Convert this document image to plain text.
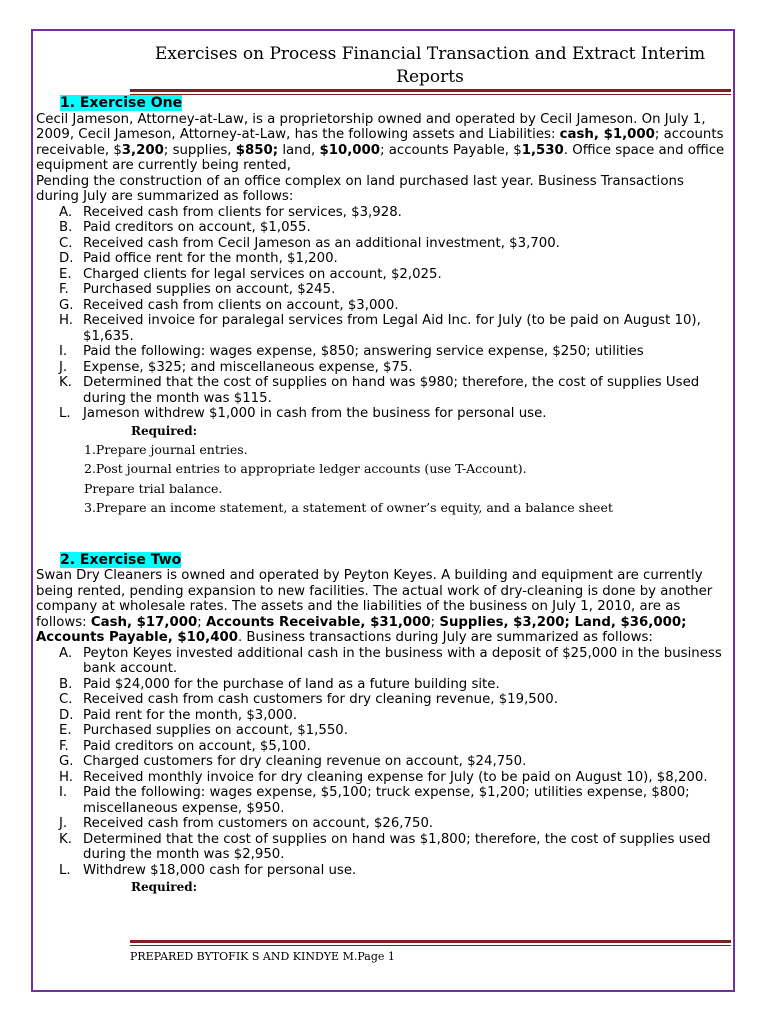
Exercises on Process Financial Transaction and Extract Interim Reports
1. Exercise One

Cecil Jameson, Attorney-at-Law, is a proprietorship owned and operated by Cecil Jameson. On July 1, 2009, Cecil Jameson, Attorney-at-Law, has the following assets and Liabilities: cash, $1,000; accounts receivable, $3,200; supplies, $850; land, $10,000; accounts Payable, $1,530. Office space and office equipment are currently being rented,

Pending the construction of an office complex on land purchased last year. Business Transactions during July are summarized as follows:

A. Received cash from clients for services, $3,928.
B. Paid creditors on account, $1,055.
C. Received cash from Cecil Jameson as an additional investment, $3,700.
D. Paid office rent for the month, $1,200.
E. Charged clients for legal services on account, $2,025.
F. Purchased supplies on account, $245.
G. Received cash from clients on account, $3,000.
H. Received invoice for paralegal services from Legal Aid Inc. for July (to be paid on August 10), $1,635.
I. Paid the following: wages expense, $850; answering service expense, $250; utilities
J. Expense, $325; and miscellaneous expense, $75.
K. Determined that the cost of supplies on hand was $980; therefore, the cost of supplies Used during the month was $115.
L. Jameson withdrew $1,000 in cash from the business for personal use.
Required:
1.Prepare journal entries.
2.Post journal entries to appropriate ledger accounts (use T-Account).
Prepare trial balance.
3.Prepare an income statement, a statement of owner’s equity, and a balance sheet
2. Exercise Two

Swan Dry Cleaners is owned and operated by Peyton Keyes. A building and equipment are currently being rented, pending expansion to new facilities. The actual work of dry-cleaning is done by another company at wholesale rates. The assets and the liabilities of the business on July 1, 2010, are as follows: Cash, $17,000; Accounts Receivable, $31,000; Supplies, $3,200; Land, $36,000; Accounts Payable, $10,400. Business transactions during July are summarized as follows:

A. Peyton Keyes invested additional cash in the business with a deposit of $25,000 in the business bank account.
B. Paid $24,000 for the purchase of land as a future building site.
C. Received cash from cash customers for dry cleaning revenue, $19,500.
D. Paid rent for the month, $3,000.
E. Purchased supplies on account, $1,550.
F. Paid creditors on account, $5,100.
G. Charged customers for dry cleaning revenue on account, $24,750.
H. Received monthly invoice for dry cleaning expense for July (to be paid on August 10), $8,200.
I. Paid the following: wages expense, $5,100; truck expense, $1,200; utilities expense, $800; miscellaneous expense, $950.
J. Received cash from customers on account, $26,750.
K. Determined that the cost of supplies on hand was $1,800; therefore, the cost of supplies used during the month was $2,950.
L. Withdrew $18,000 cash for personal use.
Required:
PREPARED BYTOFIK S AND KINDYE M.Page 1
